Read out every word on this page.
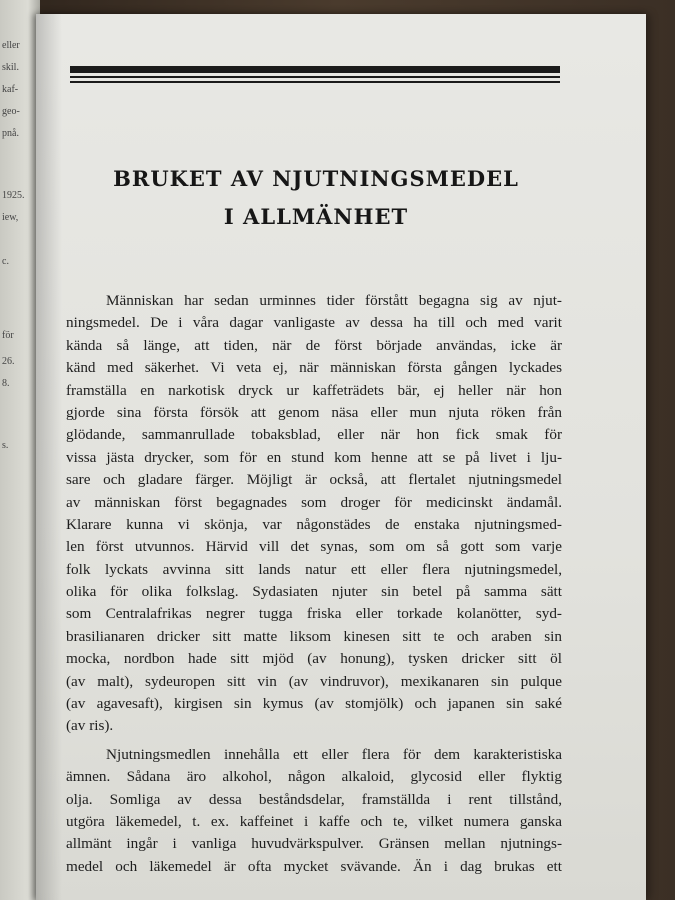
eller
skil.
kaf-
geo-
pnå.
1925.
iew,
c.
för
26.
8.
s.
BRUKET AV NJUTNINGSMEDEL
I ALLMÄNHET
Människan har sedan urminnes tider förstått begagna sig av njut-
ningsmedel. De i våra dagar vanligaste av dessa ha till och med varit
kända så länge, att tiden, när de först började användas, icke är
känd med säkerhet. Vi veta ej, när människan första gången lyckades
framställa en narkotisk dryck ur kaffeträdets bär, ej heller när hon
gjorde sina första försök att genom näsa eller mun njuta röken från
glödande, sammanrullade tobaksblad, eller när hon fick smak för
vissa jästa drycker, som för en stund kom henne att se på livet i lju-
sare och gladare färger. Möjligt är också, att flertalet njutningsmedel
av människan först begagnades som droger för medicinskt ändamål.
Klarare kunna vi skönja, var någonstädes de enstaka njutningsmed-
len först utvunnos. Härvid vill det synas, som om så gott som varje
folk lyckats avvinna sitt lands natur ett eller flera njutningsmedel,
olika för olika folkslag. Sydasiaten njuter sin betel på samma sätt
som Centralafrikas negrer tugga friska eller torkade kolanötter, syd-
brasilianaren dricker sitt matte liksom kinesen sitt te och araben sin
mocka, nordbon hade sitt mjöd (av honung), tysken dricker sitt öl
(av malt), sydeuropen sitt vin (av vindruvor), mexikanaren sin pulque
(av agavesaft), kirgisen sin kymus (av stomjölk) och japanen sin saké
(av ris).
Njutningsmedlen innehålla ett eller flera för dem karakteristiska
ämnen. Sådana äro alkohol, någon alkaloid, glycosid eller flyktig
olja. Somliga av dessa beståndsdelar, framställda i rent tillstånd,
utgöra läkemedel, t. ex. kaffeinet i kaffe och te, vilket numera ganska
allmänt ingår i vanliga huvudvärkspulver. Gränsen mellan njutnings-
medel och läkemedel är ofta mycket svävande. Än i dag brukas ett
